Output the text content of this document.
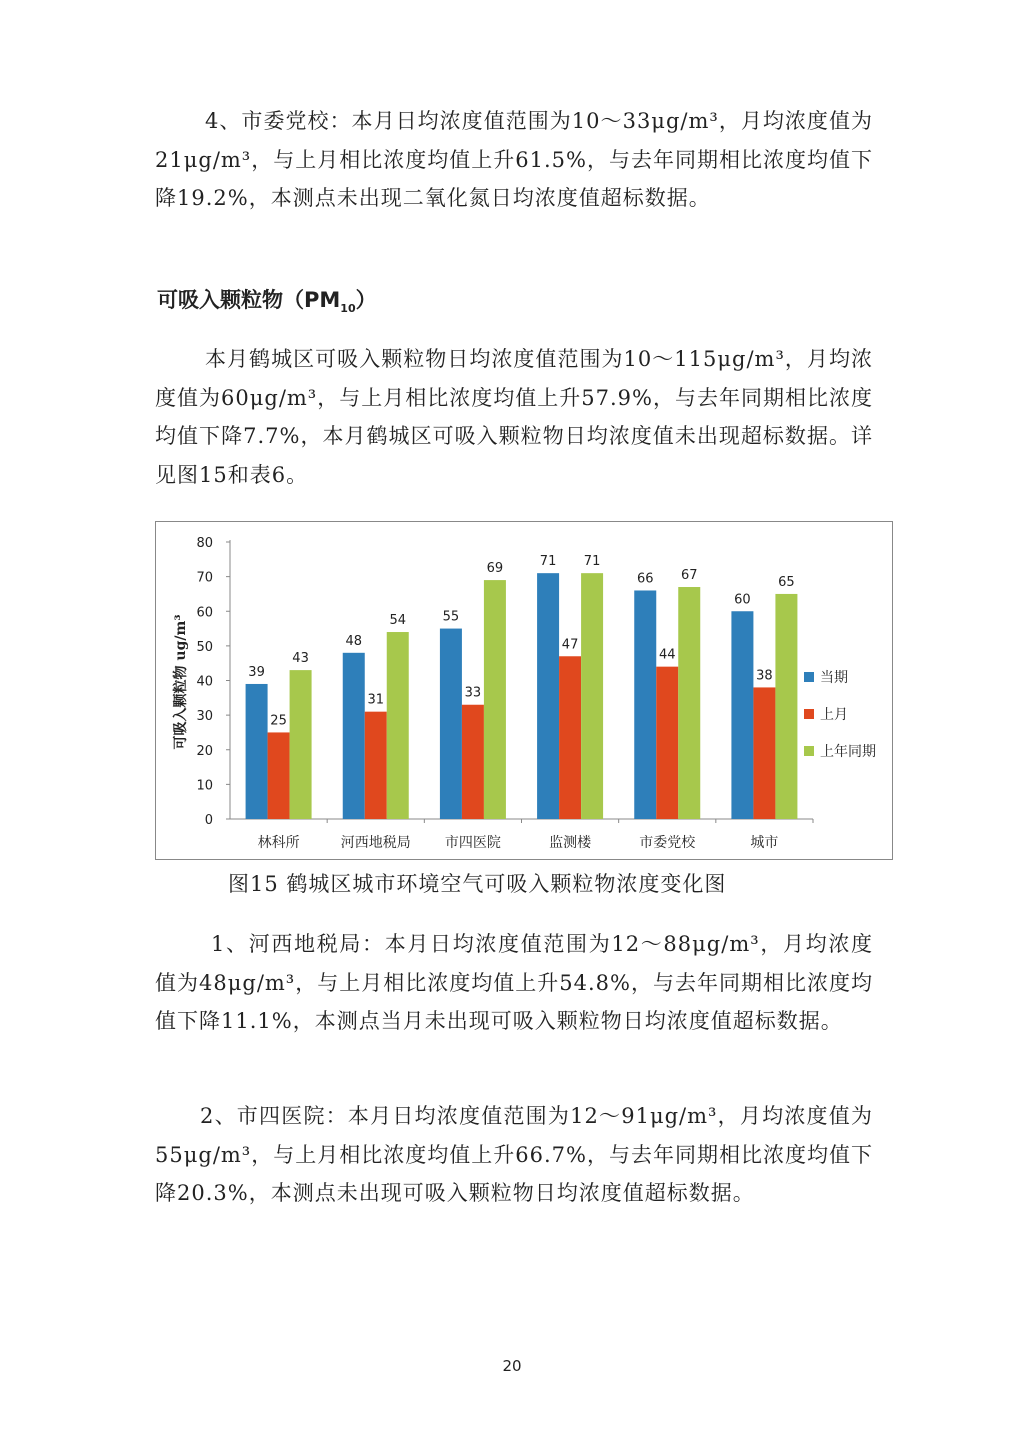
4、市委党校：本月日均浓度值范围为10～33μg/m³，月均浓度值为21μg/m³，与上月相比浓度均值上升61.5%，与去年同期相比浓度均值下降19.2%，本测点未出现二氧化氮日均浓度值超标数据。

可吸入颗粒物$(PM_{10})$

本月鹤城区可吸入颗粒物日均浓度值范围为10～115μg/m³，月均浓度值为60μg/m³，与上月相比浓度均值上升57.9%，与去年同期相比浓度均值下降7.7%，本月鹤城区可吸入颗粒物日均浓度值未出现超标数据。详见图15和表6。

可吸入颗粒物 ug/m³
0
10
20
30
40
50
60
70
80
39
25
43
48
31
54	55
33
69	71
47
71
66
44
67
60
38
65
林科所	河西地税局 市四医院	监测楼	市委党校	城市
当期
上月
上年同期

图15 鹤城区城市环境空气可吸入颗粒物浓度变化图

1、河西地税局：本月日均浓度值范围为12～88μg/m³，月均浓度值为48μg/m³，与上月相比浓度均值上升54.8%，与去年同期相比浓度均值下降11.1%，本测点当月未出现可吸入颗粒物日均浓度值超标数据。

2、市四医院：本月日均浓度值范围为12～91μg/m³，月均浓度值为55μg/m³，与上月相比浓度均值上升66.7%，与去年同期相比浓度均值下降20.3%，本测点未出现可吸入颗粒物日均浓度值超标数据。

20
